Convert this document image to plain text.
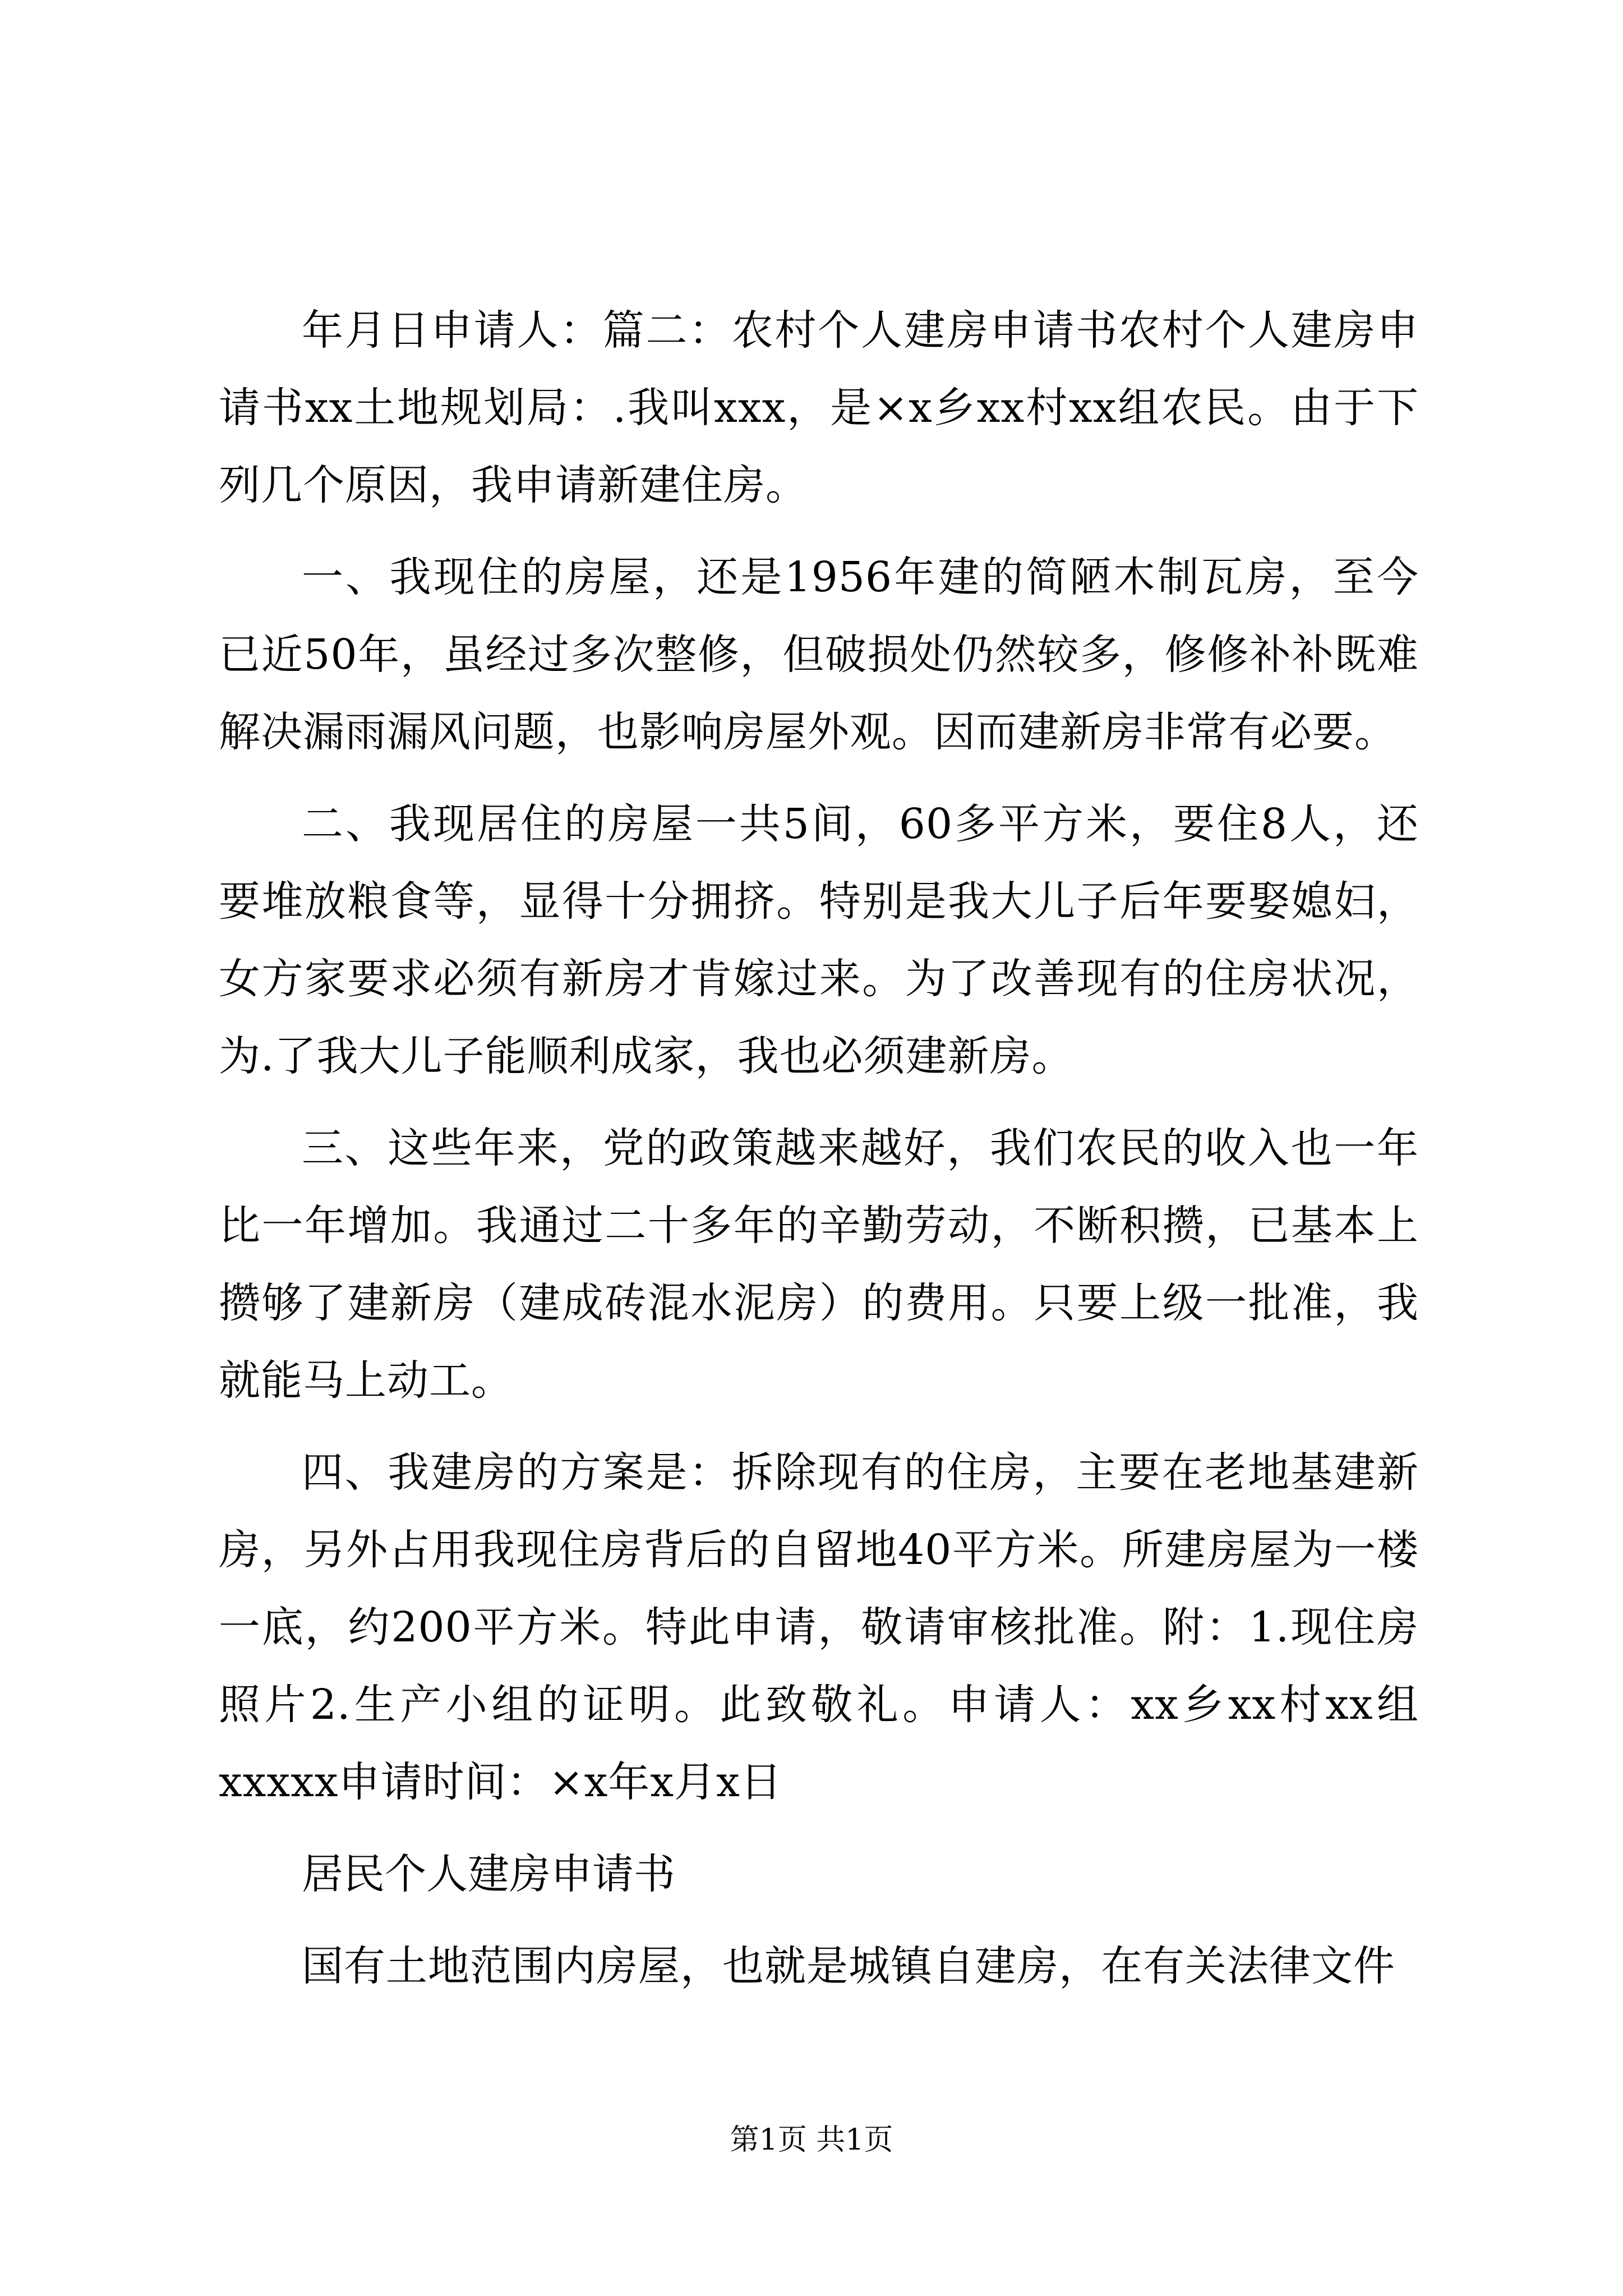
年月日申请人：篇二：农村个人建房申请书农村个人建房申请书xx土地规划局：.我叫xxx，是×x乡xx村xx组农民。由于下列几个原因，我申请新建住房。

一、我现住的房屋，还是1956年建的简陋木制瓦房，至今已近50年，虽经过多次整修，但破损处仍然较多，修修补补既难解决漏雨漏风问题，也影响房屋外观。因而建新房非常有必要。

二、我现居住的房屋一共5间，60多平方米，要住8人，还要堆放粮食等，显得十分拥挤。特别是我大儿子后年要娶媳妇，女方家要求必须有新房才肯嫁过来。为了改善现有的住房状况，为.了我大儿子能顺利成家，我也必须建新房。

三、这些年来，党的政策越来越好，我们农民的收入也一年比一年增加。我通过二十多年的辛勤劳动，不断积攒，已基本上攒够了建新房（建成砖混水泥房）的费用。只要上级一批准，我就能马上动工。

四、我建房的方案是：拆除现有的住房，主要在老地基建新房，另外占用我现住房背后的自留地40平方米。所建房屋为一楼一底，约200平方米。特此申请，敬请审核批准。附：1.现住房照片2.生产小组的证明。此致敬礼。申请人：xx乡xx村xx组xxxxx申请时间：×x年x月x日

居民个人建房申请书

国有土地范围内房屋，也就是城镇自建房，在有关法律文件

第1页 共1页
